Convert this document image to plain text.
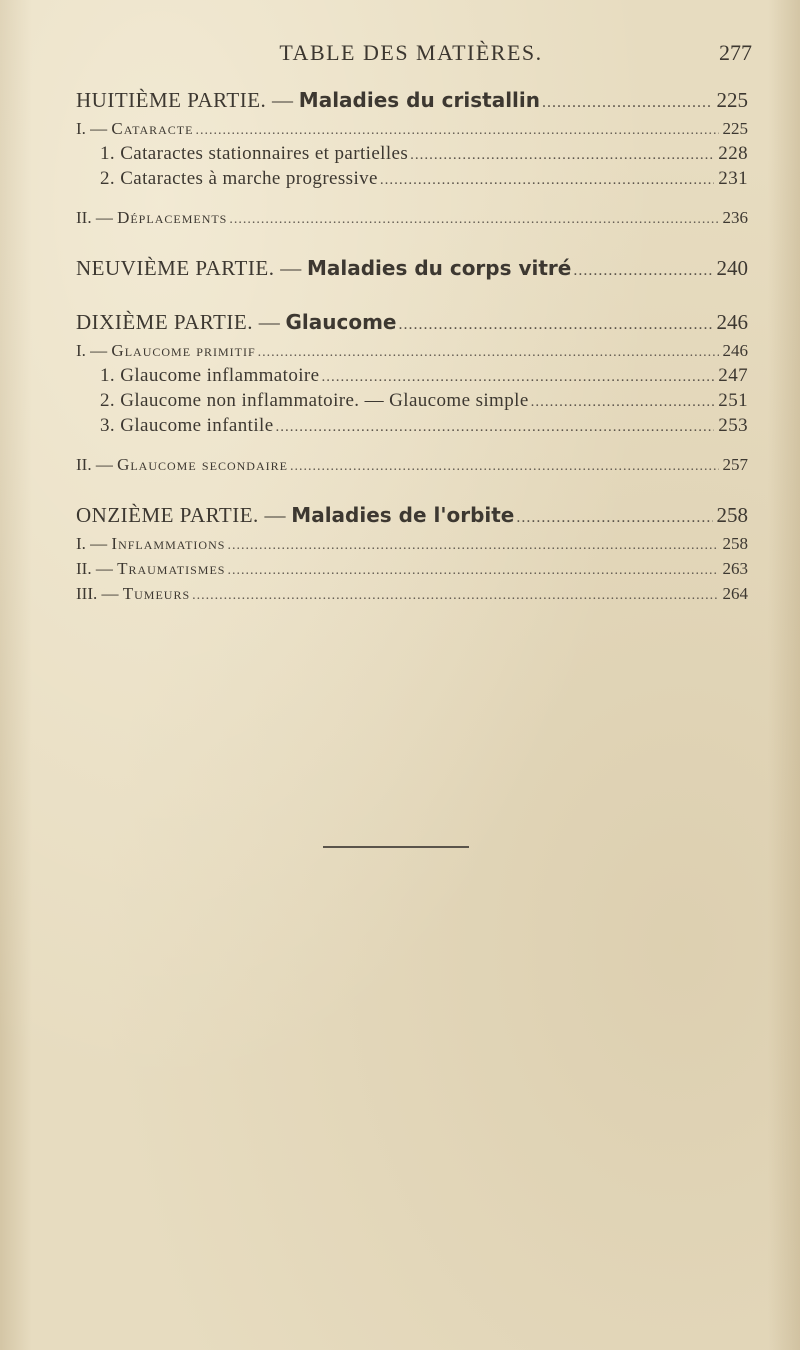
TABLE DES MATIÈRES.	277
HUITIÈME PARTIE. — Maladies du cristallin .....	225
I. — Cataracte .....	225
1. Cataractes stationnaires et partielles .....	228
2. Cataractes à marche progressive .....	231
II. — Déplacements .....	236
NEUVIÈME PARTIE. — Maladies du corps vitré .....	240
DIXIÈME PARTIE. — Glaucome .....	246
I. — Glaucome primitif .....	246
1. Glaucome inflammatoire .....	247
2. Glaucome non inflammatoire. — Glaucome simple .....	251
3. Glaucome infantile .....	253
II. — Glaucome secondaire .....	257
ONZIÈME PARTIE. — Maladies de l'orbite .....	258
I. — Inflammations .....	258
II. — Traumatismes .....	263
III. — Tumeurs .....	264
